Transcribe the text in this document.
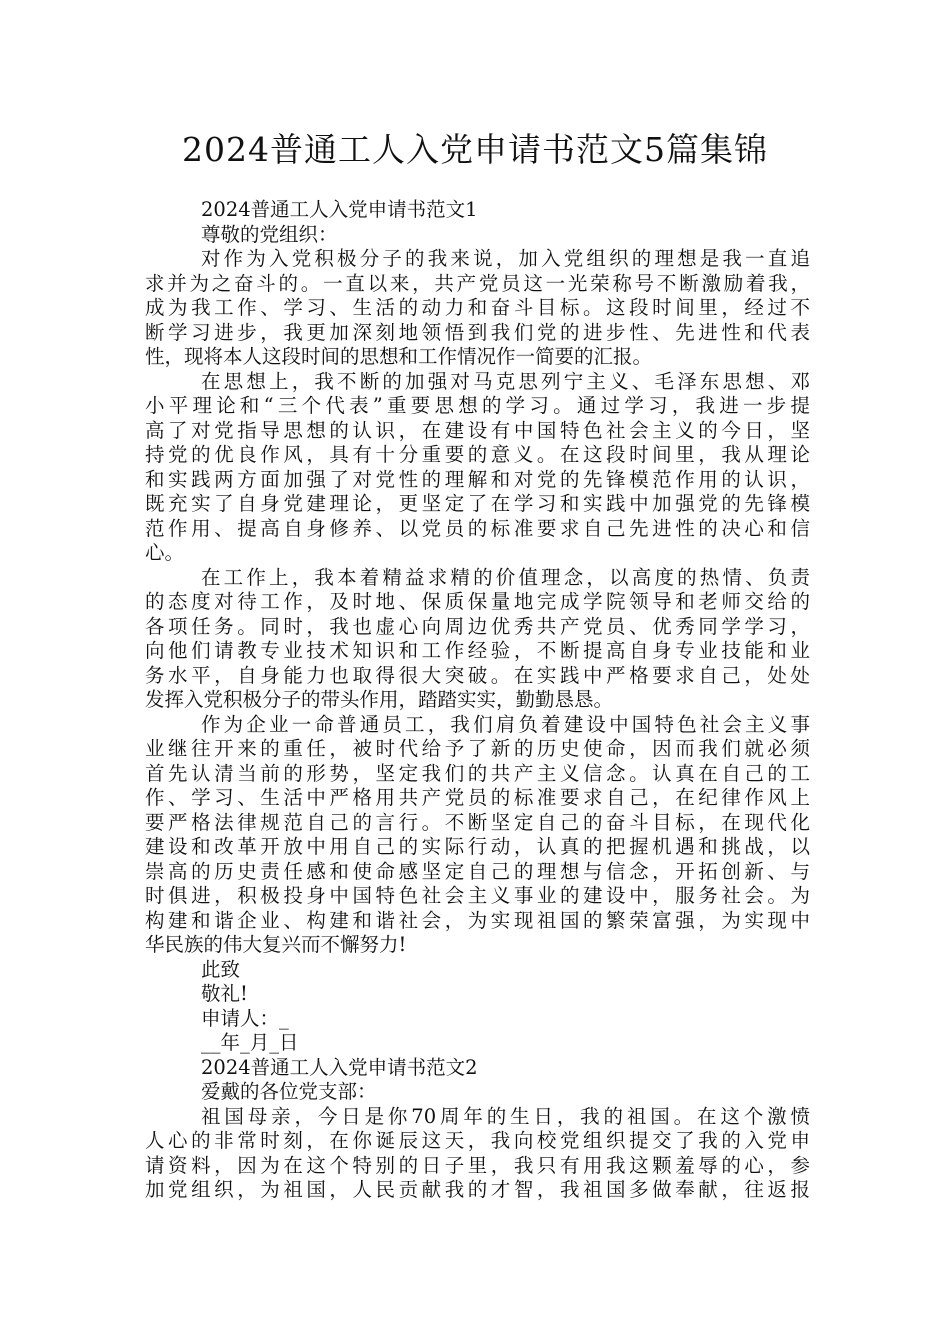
2024普通工人入党申请书范文5篇集锦
2024普通工人入党申请书范文1
尊敬的党组织：
对作为入党积极分子的我来说，加入党组织的理想是我一直追
求并为之奋斗的。一直以来，共产党员这一光荣称号不断激励着我，
成为我工作、学习、生活的动力和奋斗目标。这段时间里，经过不
断学习进步，我更加深刻地领悟到我们党的进步性、先进性和代表
性，现将本人这段时间的思想和工作情况作一简要的汇报。
在思想上，我不断的加强对马克思列宁主义、毛泽东思想、邓
小平理论和“三个代表”重要思想的学习。通过学习，我进一步提
高了对党指导思想的认识，在建设有中国特色社会主义的今日，坚
持党的优良作风，具有十分重要的意义。在这段时间里，我从理论
和实践两方面加强了对党性的理解和对党的先锋模范作用的认识，
既充实了自身党建理论，更坚定了在学习和实践中加强党的先锋模
范作用、提高自身修养、以党员的标准要求自己先进性的决心和信
心。
在工作上，我本着精益求精的价值理念，以高度的热情、负责
的态度对待工作，及时地、保质保量地完成学院领导和老师交给的
各项任务。同时，我也虚心向周边优秀共产党员、优秀同学学习，
向他们请教专业技术知识和工作经验，不断提高自身专业技能和业
务水平，自身能力也取得很大突破。在实践中严格要求自己，处处
发挥入党积极分子的带头作用，踏踏实实，勤勤恳恳。
作为企业一命普通员工，我们肩负着建设中国特色社会主义事
业继往开来的重任，被时代给予了新的历史使命，因而我们就必须
首先认清当前的形势，坚定我们的共产主义信念。认真在自己的工
作、学习、生活中严格用共产党员的标准要求自己，在纪律作风上
要严格法律规范自己的言行。不断坚定自己的奋斗目标，在现代化
建设和改革开放中用自己的实际行动，认真的把握机遇和挑战，以
崇高的历史责任感和使命感坚定自己的理想与信念，开拓创新、与
时俱进，积极投身中国特色社会主义事业的建设中，服务社会。为
构建和谐企业、构建和谐社会，为实现祖国的繁荣富强，为实现中
华民族的伟大复兴而不懈努力!
此致
敬礼!
申请人：_
__年_月_日
2024普通工人入党申请书范文2
爱戴的各位党支部：
祖国母亲，今日是你70周年的生日，我的祖国。在这个激愤
人心的非常时刻，在你诞辰这天，我向校党组织提交了我的入党申
请资料，因为在这个特别的日子里，我只有用我这颗羞辱的心，参
加党组织，为祖国，人民贡献我的才智，我祖国多做奉献，往返报
